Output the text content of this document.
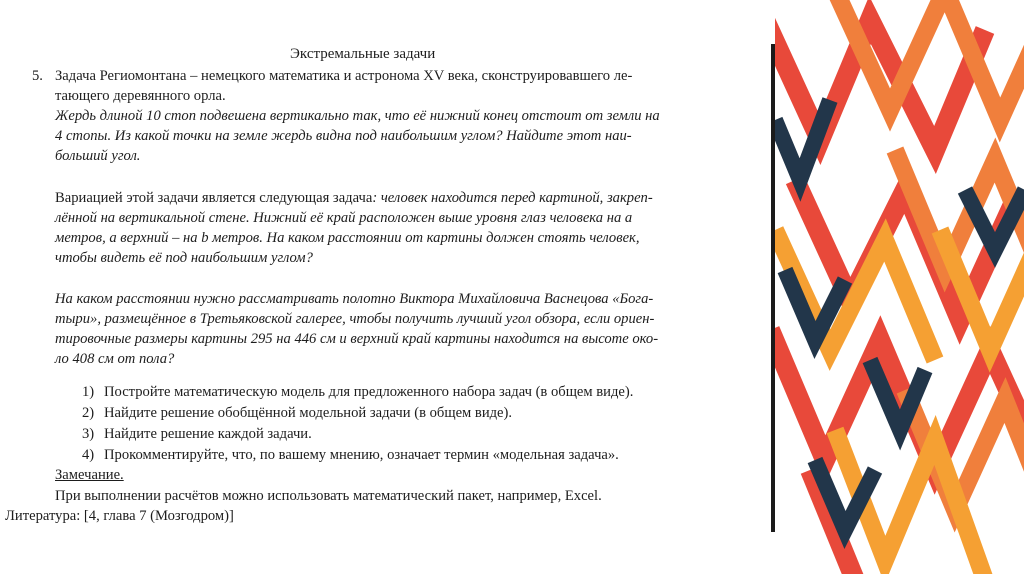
Экстремальные задачи
5. Задача Региомонтана – немецкого математика и астронома XV века, сконструировавшего ле-
тающего деревянного орла.
Жердь длиной 10 стоп подвешена вертикально так, что её нижний конец отстоит от земли на
4 стопы. Из какой точки на земле жердь видна под наибольшим углом? Найдите этот наи-
больший угол.
Вариацией этой задачи является следующая задача: человек находится перед картиной, закреп-
лённой на вертикальной стене. Нижний её край расположен выше уровня глаз человека на a
метров, а верхний – на b метров. На каком расстоянии от картины должен стоять человек,
чтобы видеть её под наибольшим углом?
На каком расстоянии нужно рассматривать полотно Виктора Михайловича Васнецова «Бога-
тыри», размещённое в Третьяковской галерее, чтобы получить лучший угол обзора, если ориен-
тировочные размеры картины 295 на 446 см и верхний край картины находится на высоте око-
ло 408 см от пола?
1) Постройте математическую модель для предложенного набора задач (в общем виде).
2) Найдите решение обобщённой модельной задачи (в общем виде).
3) Найдите решение каждой задачи.
4) Прокомментируйте, что, по вашему мнению, означает термин «модельная задача».
Замечание.
При выполнении расчётов можно использовать математический пакет, например, Excel.
Литература: [4, глава 7 (Мозгодром)]
